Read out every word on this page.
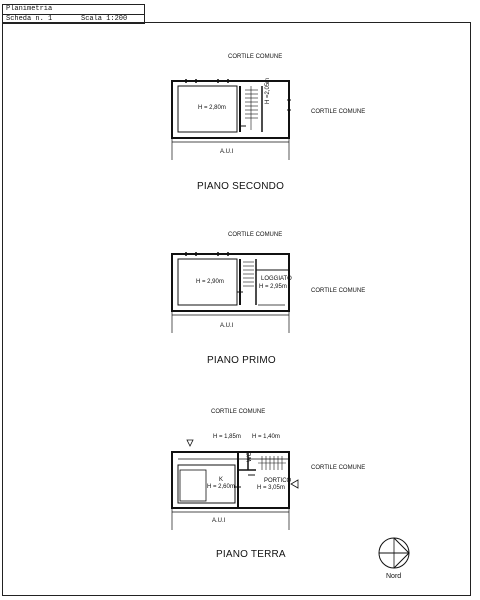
Planimetria
Scheda n. 1	Scala 1:200
CORTILE COMUNE
CORTILE COMUNE
H = 2,80m
H =2,05m
A.U.I
PIANO SECONDO
CORTILE COMUNE
CORTILE COMUNE
H = 2,90m	LOGGIATO
H = 2,95m
A.U.I
PIANO PRIMO
CORTILE COMUNE
CORTILE COMUNE
H = 1,85m H = 1,40m
K
H = 2,60m
WC
PORTICO
H = 3,05m
A.U.I
PIANO TERRA
Nord
